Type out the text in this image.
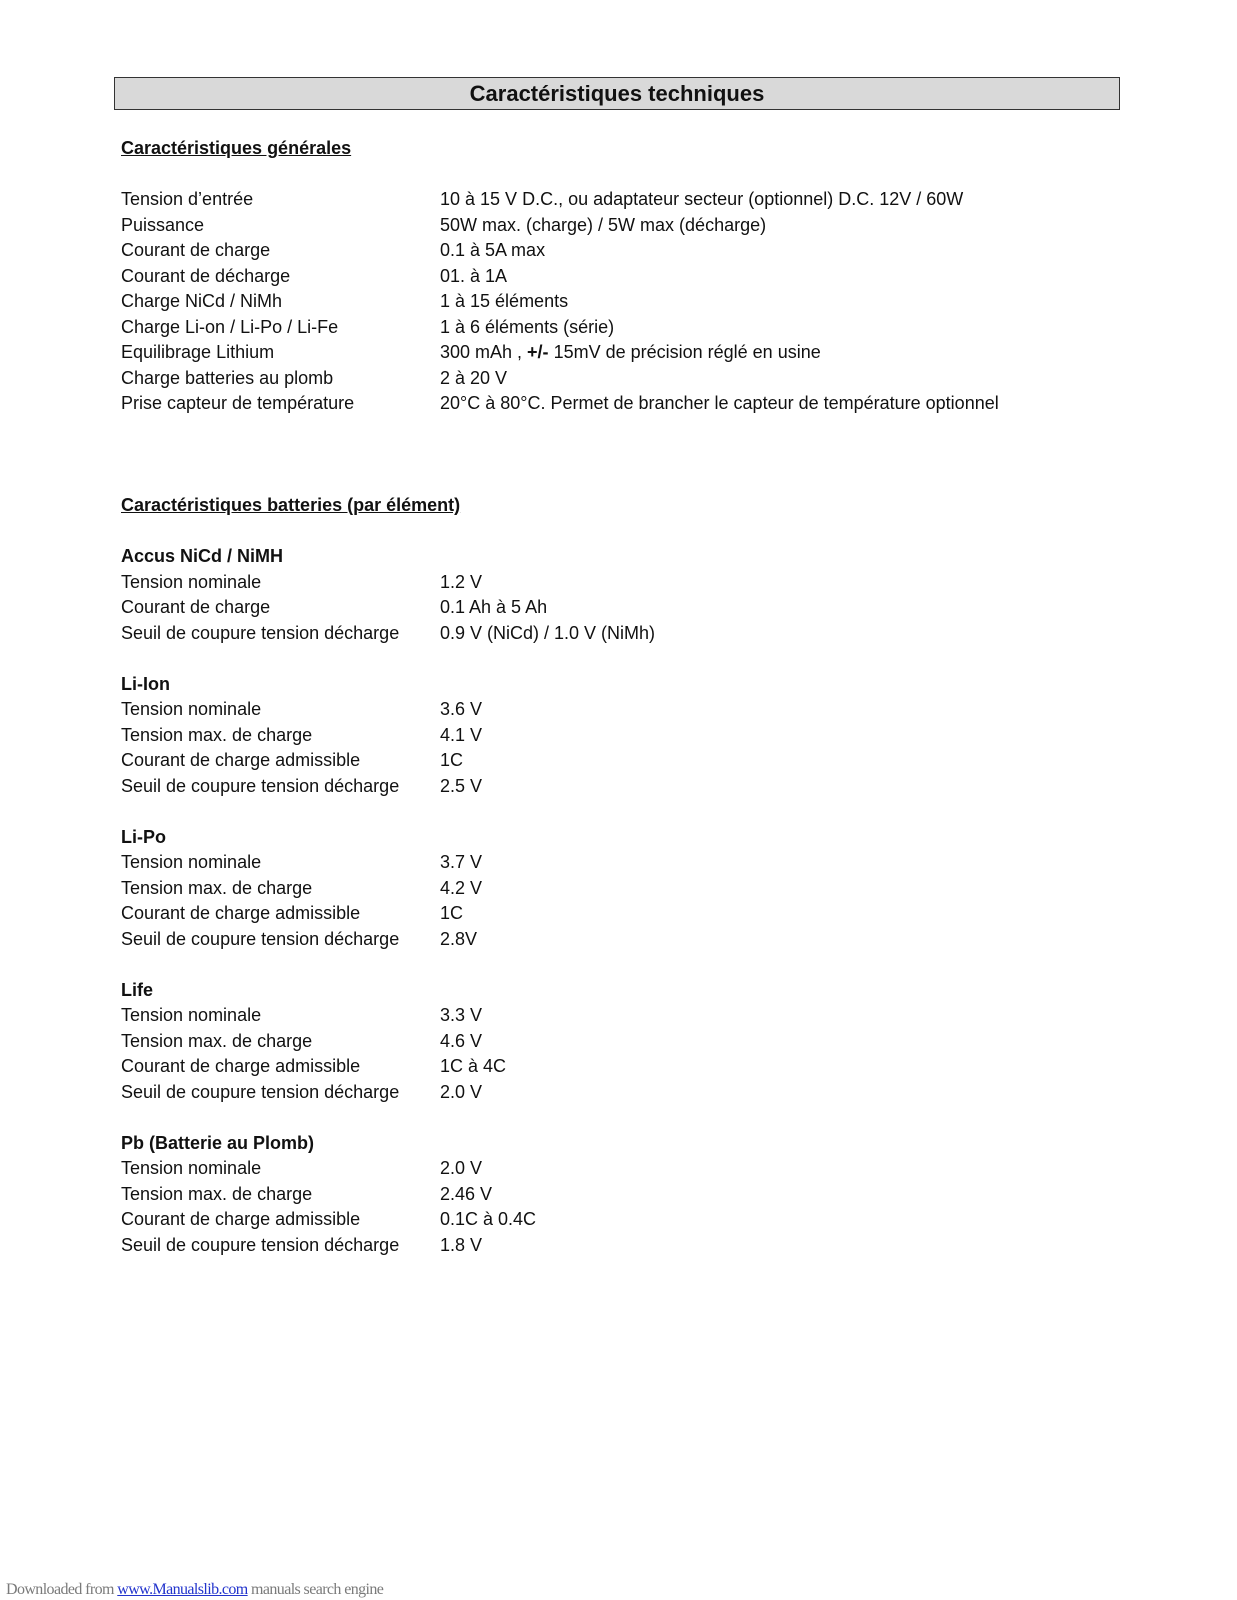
Caractéristiques techniques
Caractéristiques générales
Tension d’entrée	10 à 15 V D.C., ou adaptateur secteur (optionnel) D.C. 12V / 60W
Puissance	50W max. (charge) / 5W max (décharge)
Courant de charge	0.1 à 5A max
Courant de décharge	01. à 1A
Charge NiCd / NiMh	1 à 15 éléments
Charge Li-on / Li-Po / Li-Fe	1 à 6 éléments (série)
Equilibrage Lithium	300 mAh , +/- 15mV de précision réglé en usine
Charge batteries au plomb	2 à 20 V
Prise capteur de température	20°C à 80°C. Permet de brancher le capteur de température optionnel
Caractéristiques batteries (par élément)
Accus NiCd / NiMH
Tension nominale	1.2 V
Courant de charge	0.1 Ah à 5 Ah
Seuil de coupure tension décharge	0.9 V (NiCd) / 1.0 V (NiMh)
Li-Ion
Tension nominale	3.6 V
Tension max. de charge	4.1 V
Courant de charge admissible	1C
Seuil de coupure tension décharge	2.5 V
Li-Po
Tension nominale	3.7 V
Tension max. de charge	4.2 V
Courant de charge admissible	1C
Seuil de coupure tension décharge	2.8V
Life
Tension nominale	3.3 V
Tension max. de charge	4.6 V
Courant de charge admissible	1C à 4C
Seuil de coupure tension décharge	2.0 V
Pb (Batterie au Plomb)
Tension nominale	2.0 V
Tension max. de charge	2.46 V
Courant de charge admissible	0.1C à 0.4C
Seuil de coupure tension décharge	1.8 V
Downloaded from www.Manualslib.com manuals search engine
